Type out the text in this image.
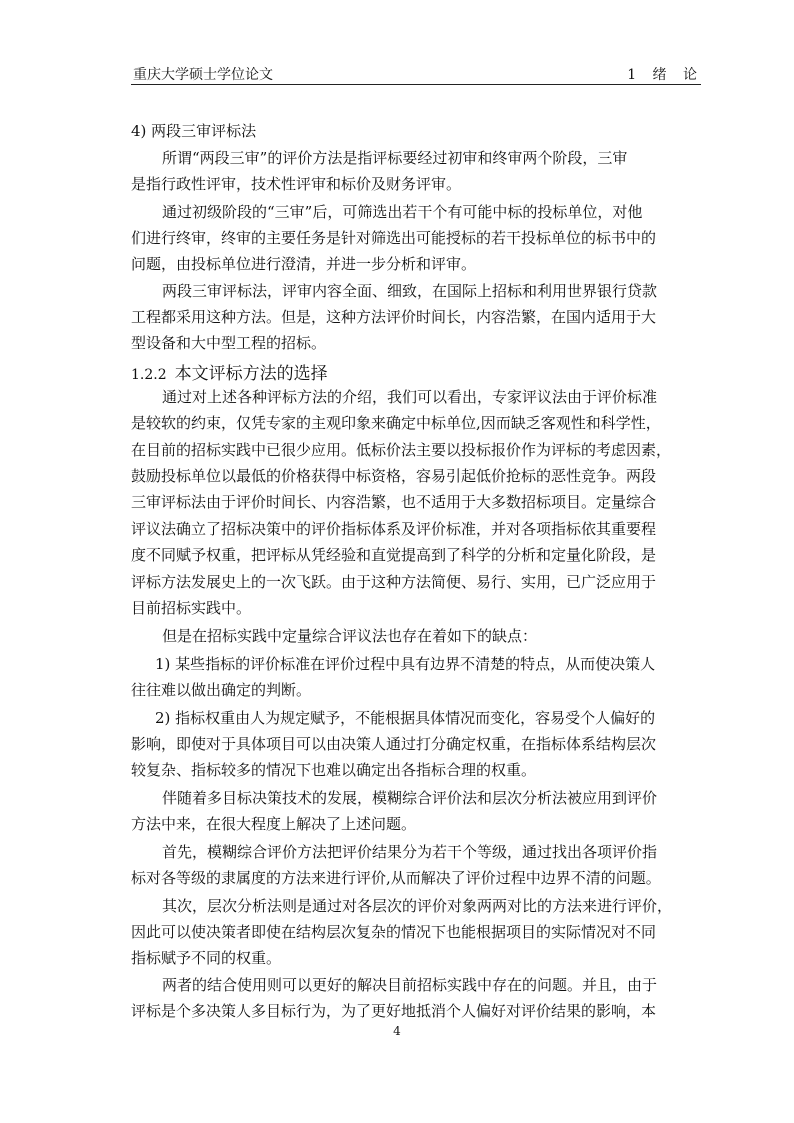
重庆大学硕士学位论文	1 绪 论
4) 两段三审评标法
所谓“两段三审”的评价方法是指评标要经过初审和终审两个阶段，三审
是指行政性评审，技术性评审和标价及财务评审。
通过初级阶段的“三审”后，可筛选出若干个有可能中标的投标单位，对他
们进行终审，终审的主要任务是针对筛选出可能授标的若干投标单位的标书中的
问题，由投标单位进行澄清，并进一步分析和评审。
两段三审评标法，评审内容全面、细致，在国际上招标和利用世界银行贷款
工程都采用这种方法。但是，这种方法评价时间长，内容浩繁，在国内适用于大
型设备和大中型工程的招标。
1.2.2 本文评标方法的选择
通过对上述各种评标方法的介绍，我们可以看出，专家评议法由于评价标准
是较软的约束，仅凭专家的主观印象来确定中标单位,因而缺乏客观性和科学性，
在目前的招标实践中已很少应用。低标价法主要以投标报价作为评标的考虑因素，
鼓励投标单位以最低的价格获得中标资格，容易引起低价抢标的恶性竞争。两段
三审评标法由于评价时间长、内容浩繁，也不适用于大多数招标项目。定量综合
评议法确立了招标决策中的评价指标体系及评价标准，并对各项指标依其重要程
度不同赋予权重，把评标从凭经验和直觉提高到了科学的分析和定量化阶段，是
评标方法发展史上的一次飞跃。由于这种方法简便、易行、实用，已广泛应用于
目前招标实践中。
但是在招标实践中定量综合评议法也存在着如下的缺点：
1) 某些指标的评价标准在评价过程中具有边界不清楚的特点，从而使决策人
往往难以做出确定的判断。
2) 指标权重由人为规定赋予，不能根据具体情况而变化，容易受个人偏好的
影响，即使对于具体项目可以由决策人通过打分确定权重，在指标体系结构层次
较复杂、指标较多的情况下也难以确定出各指标合理的权重。
伴随着多目标决策技术的发展，模糊综合评价法和层次分析法被应用到评价
方法中来，在很大程度上解决了上述问题。
首先，模糊综合评价方法把评价结果分为若干个等级，通过找出各项评价指
标对各等级的隶属度的方法来进行评价,从而解决了评价过程中边界不清的问题。
其次，层次分析法则是通过对各层次的评价对象两两对比的方法来进行评价，
因此可以使决策者即使在结构层次复杂的情况下也能根据项目的实际情况对不同
指标赋予不同的权重。
两者的结合使用则可以更好的解决目前招标实践中存在的问题。并且，由于
评标是个多决策人多目标行为，为了更好地抵消个人偏好对评价结果的影响，本
4
